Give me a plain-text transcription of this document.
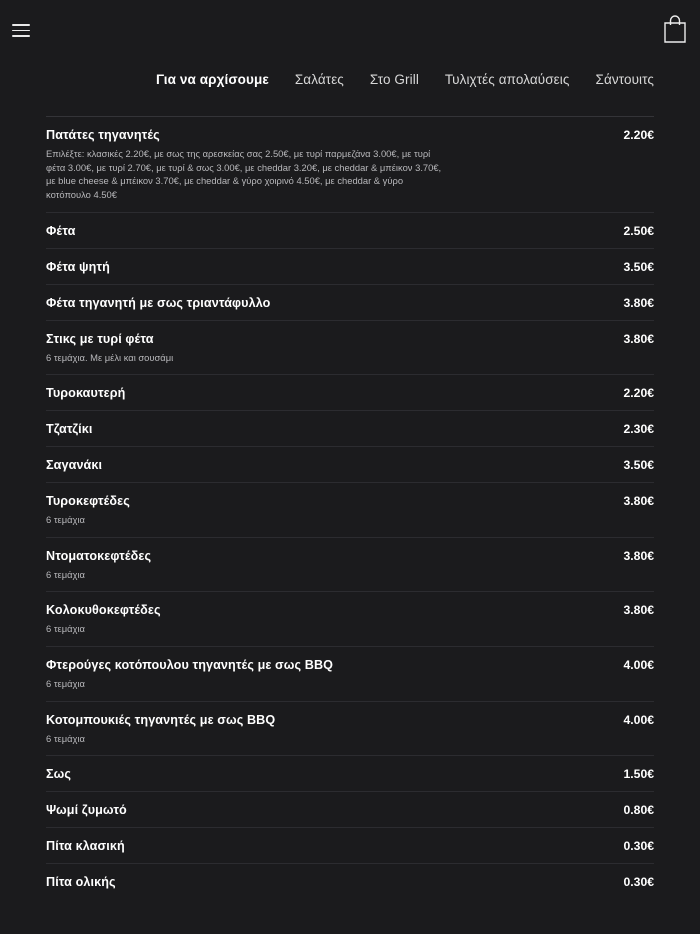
Για να αρχίσουμε Σαλάτες Στο Grill Τυλιχτές απολαύσεις Σάντουιτς
Πατάτες τηγανητές	2.20€
Επιλέξτε: κλασικές 2.20€, με σως της αρεσκείας σας 2.50€, με τυρί παρμεζάνα 3.00€, με τυρί φέτα 3.00€, με τυρί 2.70€, με τυρί & σως 3.00€, με cheddar 3.20€, με cheddar & μπέικον 3.70€, με blue cheese & μπέικον 3.70€, με cheddar & γύρο χοιρινό 4.50€, με cheddar & γύρο κοτόπουλο 4.50€
Φέτα	2.50€
Φέτα ψητή	3.50€
Φέτα τηγανητή με σως τριαντάφυλλο	3.80€
Στικς με τυρί φέτα	3.80€
6 τεμάχια. Με μέλι και σουσάμι
Τυροκαυτερή	2.20€
Τζατζίκι	2.30€
Σαγανάκι	3.50€
Τυροκεφτέδες	3.80€
6 τεμάχια
Ντοματοκεφτέδες	3.80€
6 τεμάχια
Κολοκυθοκεφτέδες	3.80€
6 τεμάχια
Φτερούγες κοτόπουλου τηγανητές με σως BBQ	4.00€
6 τεμάχια
Κοτομπουκιές τηγανητές με σως BBQ	4.00€
6 τεμάχια
Σως	1.50€
Ψωμί ζυμωτό	0.80€
Πίτα κλασική	0.30€
Πίτα ολικής	0.30€
